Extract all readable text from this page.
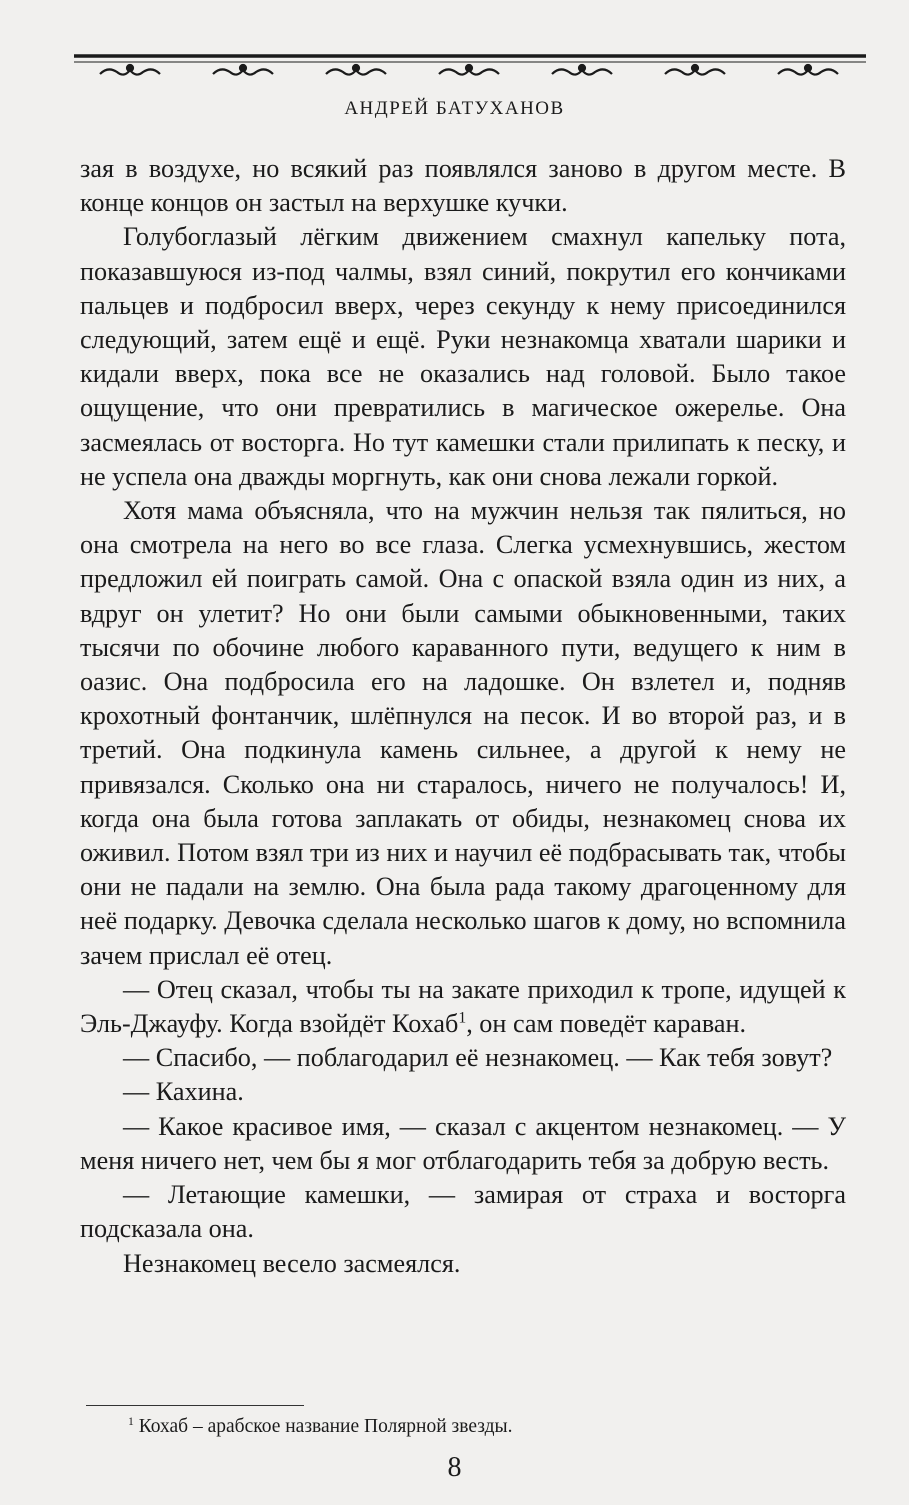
АНДРЕЙ БАТУХАНОВ

зая в воздухе, но всякий раз появлялся заново в другом месте. В конце концов он застыл на верхушке кучки.

Голубоглазый лёгким движением смахнул капельку пота, показавшуюся из-под чалмы, взял синий, покрутил его кончиками пальцев и подбросил вверх, через секунду к нему присоединился следующий, затем ещё и ещё. Руки незнакомца хватали шарики и кидали вверх, пока все не оказались над головой. Было такое ощущение, что они превратились в магическое ожерелье. Она засмеялась от восторга. Но тут камешки стали прилипать к песку, и не успела она дважды моргнуть, как они снова лежали горкой.

Хотя мама объясняла, что на мужчин нельзя так пялиться, но она смотрела на него во все глаза. Слегка усмехнувшись, жестом предложил ей поиграть самой. Она с опаской взяла один из них, а вдруг он улетит? Но они были самыми обыкновенными, таких тысячи по обочине любого караванного пути, ведущего к ним в оазис. Она подбросила его на ладошке. Он взлетел и, подняв крохотный фонтанчик, шлёпнулся на песок. И во второй раз, и в третий. Она подкинула камень сильнее, а другой к нему не привязался. Сколько она ни старалось, ничего не получалось! И, когда она была готова заплакать от обиды, незнакомец снова их оживил. Потом взял три из них и научил её подбрасывать так, чтобы они не падали на землю. Она была рада такому драгоценному для неё подарку. Девочка сделала несколько шагов к дому, но вспомнила зачем прислал её отец.

— Отец сказал, чтобы ты на закате приходил к тропе, идущей к Эль-Джауфу. Когда взойдёт Кохаб$^1$, он сам поведёт караван.

— Спасибо, — поблагодарил её незнакомец. — Как тебя зовут?

— Кахина.

— Какое красивое имя, — сказал с акцентом незнакомец. — У меня ничего нет, чем бы я мог отблагодарить тебя за добрую весть.

— Летающие камешки, — замирая от страха и восторга подсказала она.

Незнакомец весело засмеялся.

$^1$ Кохаб – арабское название Полярной звезды.
8
